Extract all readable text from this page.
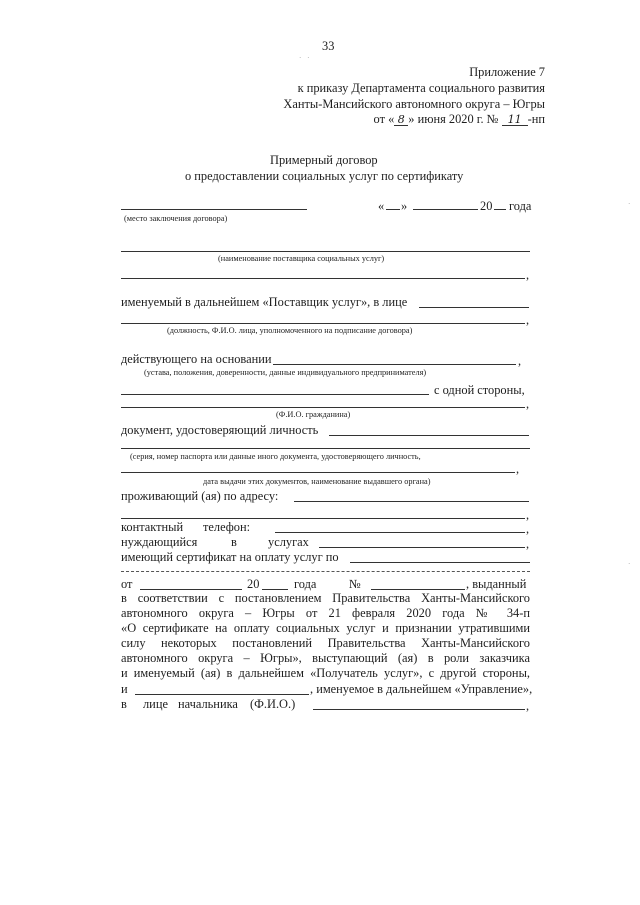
33
· ·
Приложение 7
к приказу Департамента социального развития
Ханты-Мансийского автономного округа – Югры
от « 8 » июня 2020 г. № 11 -нп
Примерный договор
о предоставлении социальных услуг по сертификату
« »	20 года
(место заключения договора)
(наименование поставщика социальных услуг)
,
именуемый в дальнейшем «Поставщик услуг», в лице
,
(должность, Ф.И.О. лица, уполномоченного на подписание договора)
действующего на основании	,
(устава, положения, доверенности, данные индивидуального предпринимателя)
с одной стороны,
,
(Ф.И.О. гражданина)
документ, удостоверяющий личность
(серия, номер паспорта или данные иного документа, удостоверяющего личность,
,
дата выдачи этих документов, наименование выдавшего органа)
проживающий (ая) по адресу:
,
контактный телефон:	,
нуждающийся	в	услугах	,
имеющий сертификат на оплату услуг по
от	20	года	№	, выданный
в соответствии с постановлением Правительства Ханты-Мансийского
автономного округа – Югры от 21 февраля 2020 года № 34-п
«О сертификате на оплату социальных услуг и признании утратившими
силу некоторых постановлений Правительства Ханты-Мансийского
автономного округа – Югры», выступающий (ая) в роли заказчика
и именуемый (ая) в дальнейшем «Получатель услуг», с другой стороны,
и	, именуемое в дальнейшем «Управление»,
в лице начальника (Ф.И.О.)	,
·
·
